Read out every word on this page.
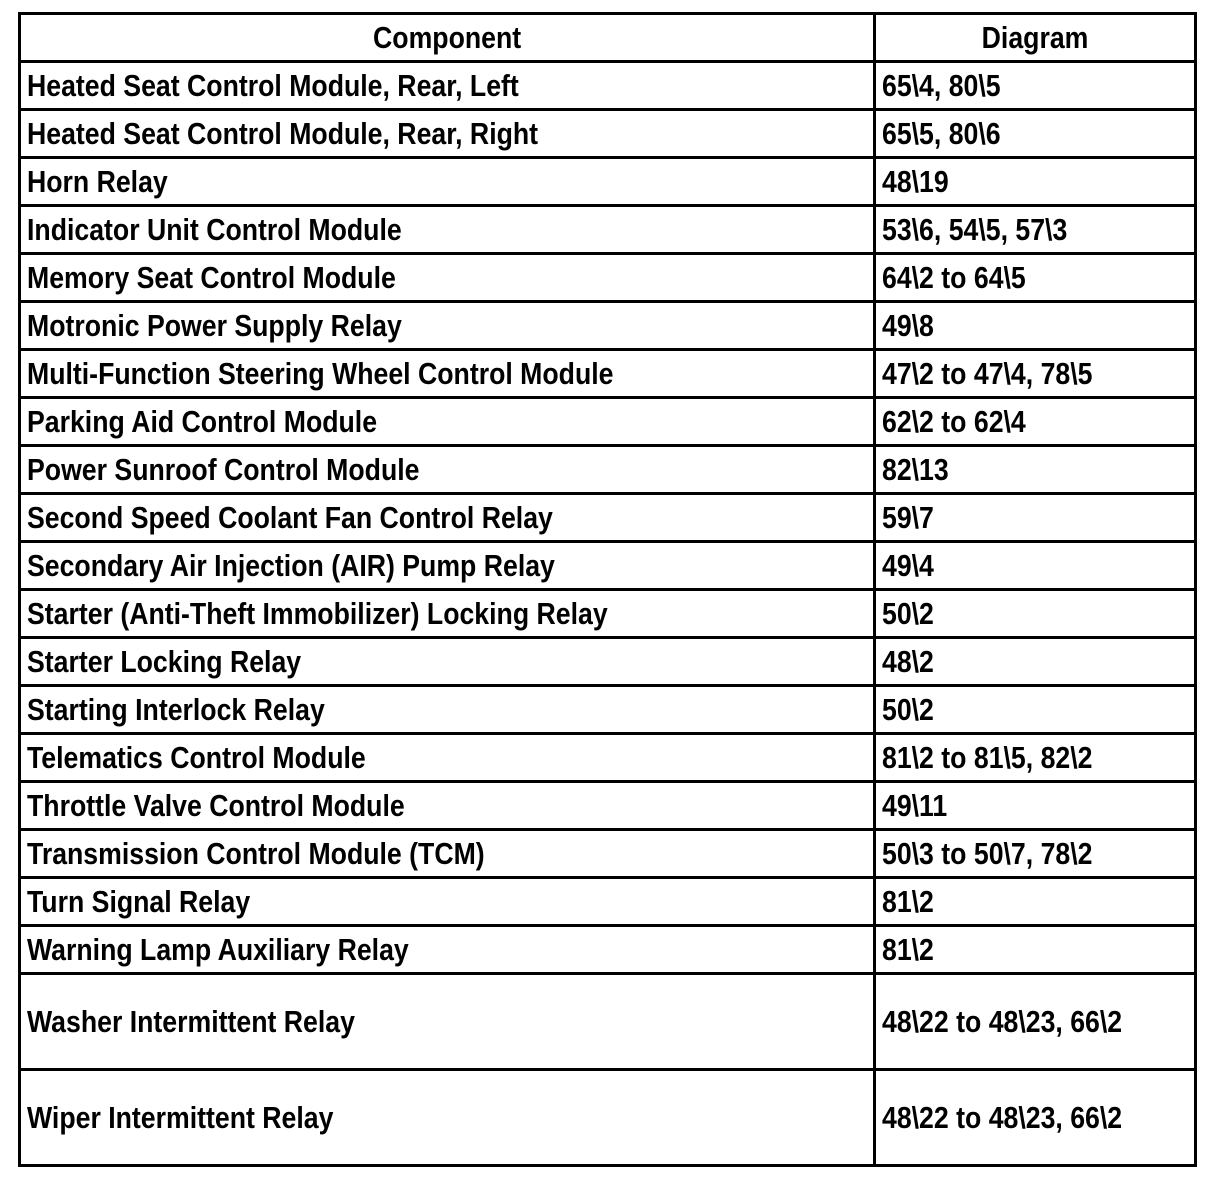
Component	Diagram
Heated Seat Control Module, Rear, Left	65\4, 80\5
Heated Seat Control Module, Rear, Right	65\5, 80\6
Horn Relay	48\19
Indicator Unit Control Module	53\6, 54\5, 57\3
Memory Seat Control Module	64\2 to 64\5
Motronic Power Supply Relay	49\8
Multi-Function Steering Wheel Control Module	47\2 to 47\4, 78\5
Parking Aid Control Module	62\2 to 62\4
Power Sunroof Control Module	82\13
Second Speed Coolant Fan Control Relay	59\7
Secondary Air Injection (AIR) Pump Relay	49\4
Starter (Anti-Theft Immobilizer) Locking Relay	50\2
Starter Locking Relay	48\2
Starting Interlock Relay	50\2
Telematics Control Module	81\2 to 81\5, 82\2
Throttle Valve Control Module	49\11
Transmission Control Module (TCM)	50\3 to 50\7, 78\2
Turn Signal Relay	81\2
Warning Lamp Auxiliary Relay	81\2
Washer Intermittent Relay	48\22 to 48\23, 66\2
Wiper Intermittent Relay	48\22 to 48\23, 66\2
